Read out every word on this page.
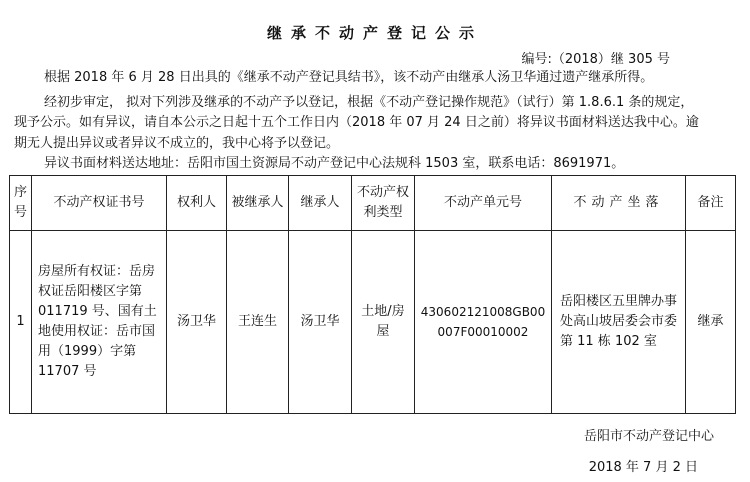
继承不动产登记公示
编号:（2018）继 305 号
根据 2018 年 6 月 28 日出具的《继承不动产登记具结书》，该不动产由继承人汤卫华通过遗产继承所得。
经初步审定， 拟对下列涉及继承的不动产予以登记，根据《不动产登记操作规范》（试行）第 1.8.6.1 条的规定，
现予公示。如有异议，请自本公示之日起十五个工作日内（2018 年 07 月 24 日之前）将异议书面材料送达我中心。逾
期无人提出异议或者异议不成立的，我中心将予以登记。
异议书面材料送达地址：岳阳市国土资源局不动产登记中心法规科 1503 室，联系电话：8691971。
序号	不动产权证书号	权利人	被继承人	继承人	不动产权利类型	不动产单元号	不动产坐落	备注
1	房屋所有权证：岳房权证岳阳楼区字第 011719 号、国有土地使用权证：岳市国用（1999）字第 11707 号	汤卫华	王连生	汤卫华	土地/房屋	430602121008GB00007F00010002	岳阳楼区五里牌办事处高山坡居委会市委第 11 栋 102 室	继承
岳阳市不动产登记中心
2018 年 7 月 2 日
